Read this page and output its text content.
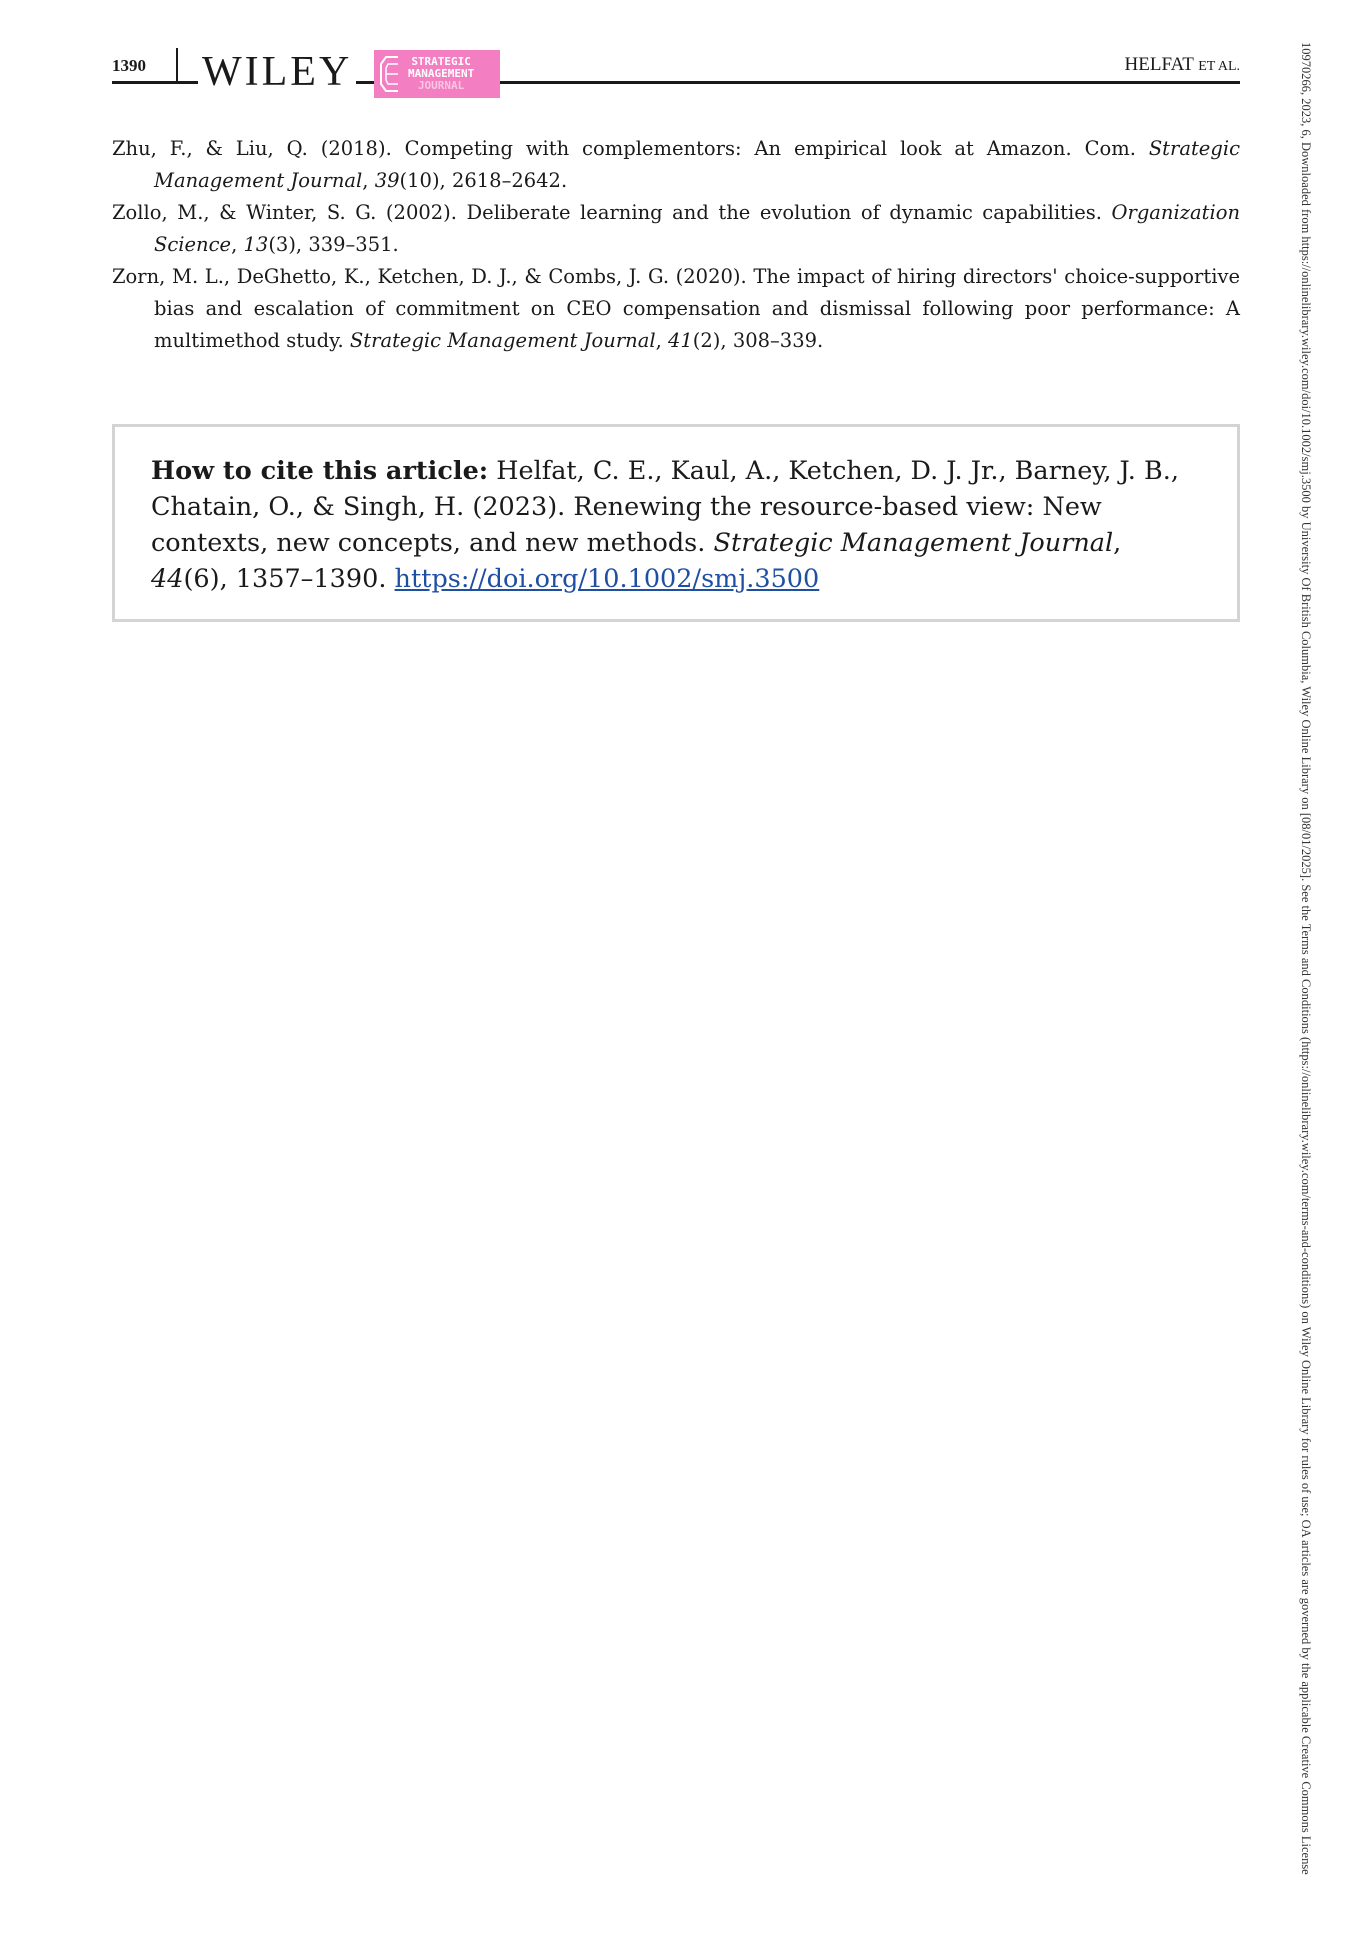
1390 WILEY	STRATEGIC
MANAGEMENT
JOURNAL
HELFAT ET AL.

Zhu, F., & Liu, Q. (2018). Competing with complementors: An empirical look at Amazon. Com. Strategic Management Journal, 39(10), 2618–2642.

Zollo, M., & Winter, S. G. (2002). Deliberate learning and the evolution of dynamic capabilities. Organization Science, 13(3), 339–351.

Zorn, M. L., DeGhetto, K., Ketchen, D. J., & Combs, J. G. (2020). The impact of hiring directors' choice-supportive bias and escalation of commitment on CEO compensation and dismissal following poor performance: A multimethod study. Strategic Management Journal, 41(2), 308–339.

How to cite this article: Helfat, C. E., Kaul, A., Ketchen, D. J. Jr., Barney, J. B., Chatain, O., & Singh, H. (2023). Renewing the resource-based view: New contexts, new concepts, and new methods. Strategic Management Journal, 44(6), 1357–1390. https://doi.org/10.1002/smj.3500	10970266, 2023, 6, Downloaded from https://onlinelibrary.wiley.com/doi/10.1002/smj.3500 by University Of British Columbia, Wiley Online Library on [08/01/2025]. See the Terms and Conditions (https://onlinelibrary.wiley.com/terms-and-conditions) on Wiley Online Library for rules of use; OA articles are governed by the applicable Creative Commons License
